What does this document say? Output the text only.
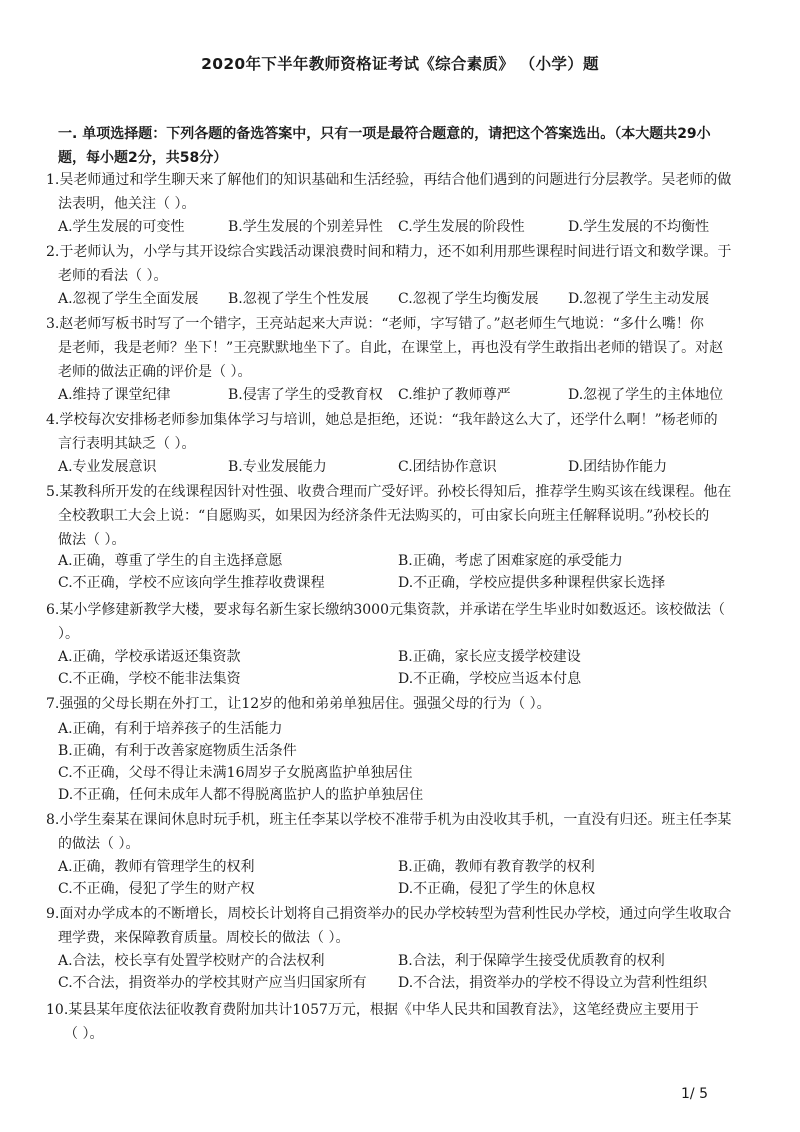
2020年下半年教师资格证考试《综合素质》 （小学）题
一. 单项选择题：下列各题的备选答案中，只有一项是最符合题意的，请把这个答案选出。（本大题共29小
题，每小题2分，共58分）
1.吴老师通过和学生聊天来了解他们的知识基础和生活经验，再结合他们遇到的问题进行分层教学。吴老师的做
法表明，他关注（ ）。
A.学生发展的可变性	B.学生发展的个别差异性 C.学生发展的阶段性	D.学生发展的不均衡性
2.于老师认为，小学与其开设综合实践活动课浪费时间和精力，还不如利用那些课程时间进行语文和数学课。于
老师的看法（ ）。
A.忽视了学生全面发展 B.忽视了学生个性发展 C.忽视了学生均衡发展 D.忽视了学生主动发展
3.赵老师写板书时写了一个错字，王亮站起来大声说：“老师，字写错了。”赵老师生气地说：“多什么嘴！你
是老师，我是老师？坐下！”王亮默默地坐下了。自此，在课堂上，再也没有学生敢指出老师的错误了。对赵
老师的做法正确的评价是（ ）。
A.维持了课堂纪律	B.侵害了学生的受教育权 C.维护了教师尊严	D.忽视了学生的主体地位
4.学校每次安排杨老师参加集体学习与培训，她总是拒绝，还说：“我年龄这么大了，还学什么啊！”杨老师的
言行表明其缺乏（ ）。
A.专业发展意识	B.专业发展能力	C.团结协作意识	D.团结协作能力
5.某教科所开发的在线课程因针对性强、收费合理而广受好评。孙校长得知后，推荐学生购买该在线课程。他在
全校教职工大会上说：“自愿购买，如果因为经济条件无法购买的，可由家长向班主任解释说明。”孙校长的
做法（ ）。
A.正确，尊重了学生的自主选择意愿	B.正确，考虑了困难家庭的承受能力
C.不正确，学校不应该向学生推荐收费课程	D.不正确，学校应提供多种课程供家长选择
6.某小学修建新教学大楼，要求每名新生家长缴纳3000元集资款，并承诺在学生毕业时如数返还。该校做法（
）。
A.正确，学校承诺返还集资款	B.正确，家长应支援学校建设
C.不正确，学校不能非法集资	D.不正确，学校应当返本付息
7.强强的父母长期在外打工，让12岁的他和弟弟单独居住。强强父母的行为（ ）。
A.正确，有利于培养孩子的生活能力
B.正确，有利于改善家庭物质生活条件
C.不正确，父母不得让未满16周岁子女脱离监护单独居住
D.不正确，任何未成年人都不得脱离监护人的监护单独居住
8.小学生秦某在课间休息时玩手机，班主任李某以学校不准带手机为由没收其手机，一直没有归还。班主任李某
的做法（ ）。
A.正确，教师有管理学生的权利	B.正确，教师有教育教学的权利
C.不正确，侵犯了学生的财产权	D.不正确，侵犯了学生的休息权
9.面对办学成本的不断增长，周校长计划将自己捐资举办的民办学校转型为营利性民办学校，通过向学生收取合
理学费，来保障教育质量。周校长的做法（ ）。
A.合法，校长享有处置学校财产的合法权利	B.合法，利于保障学生接受优质教育的权利
C.不合法，捐资举办的学校其财产应当归国家所有 D.不合法，捐资举办的学校不得设立为营利性组织
10.某县某年度依法征收教育费附加共计1057万元，根据《中华人民共和国教育法》，这笔经费应主要用于
（ ）。
1/ 5
